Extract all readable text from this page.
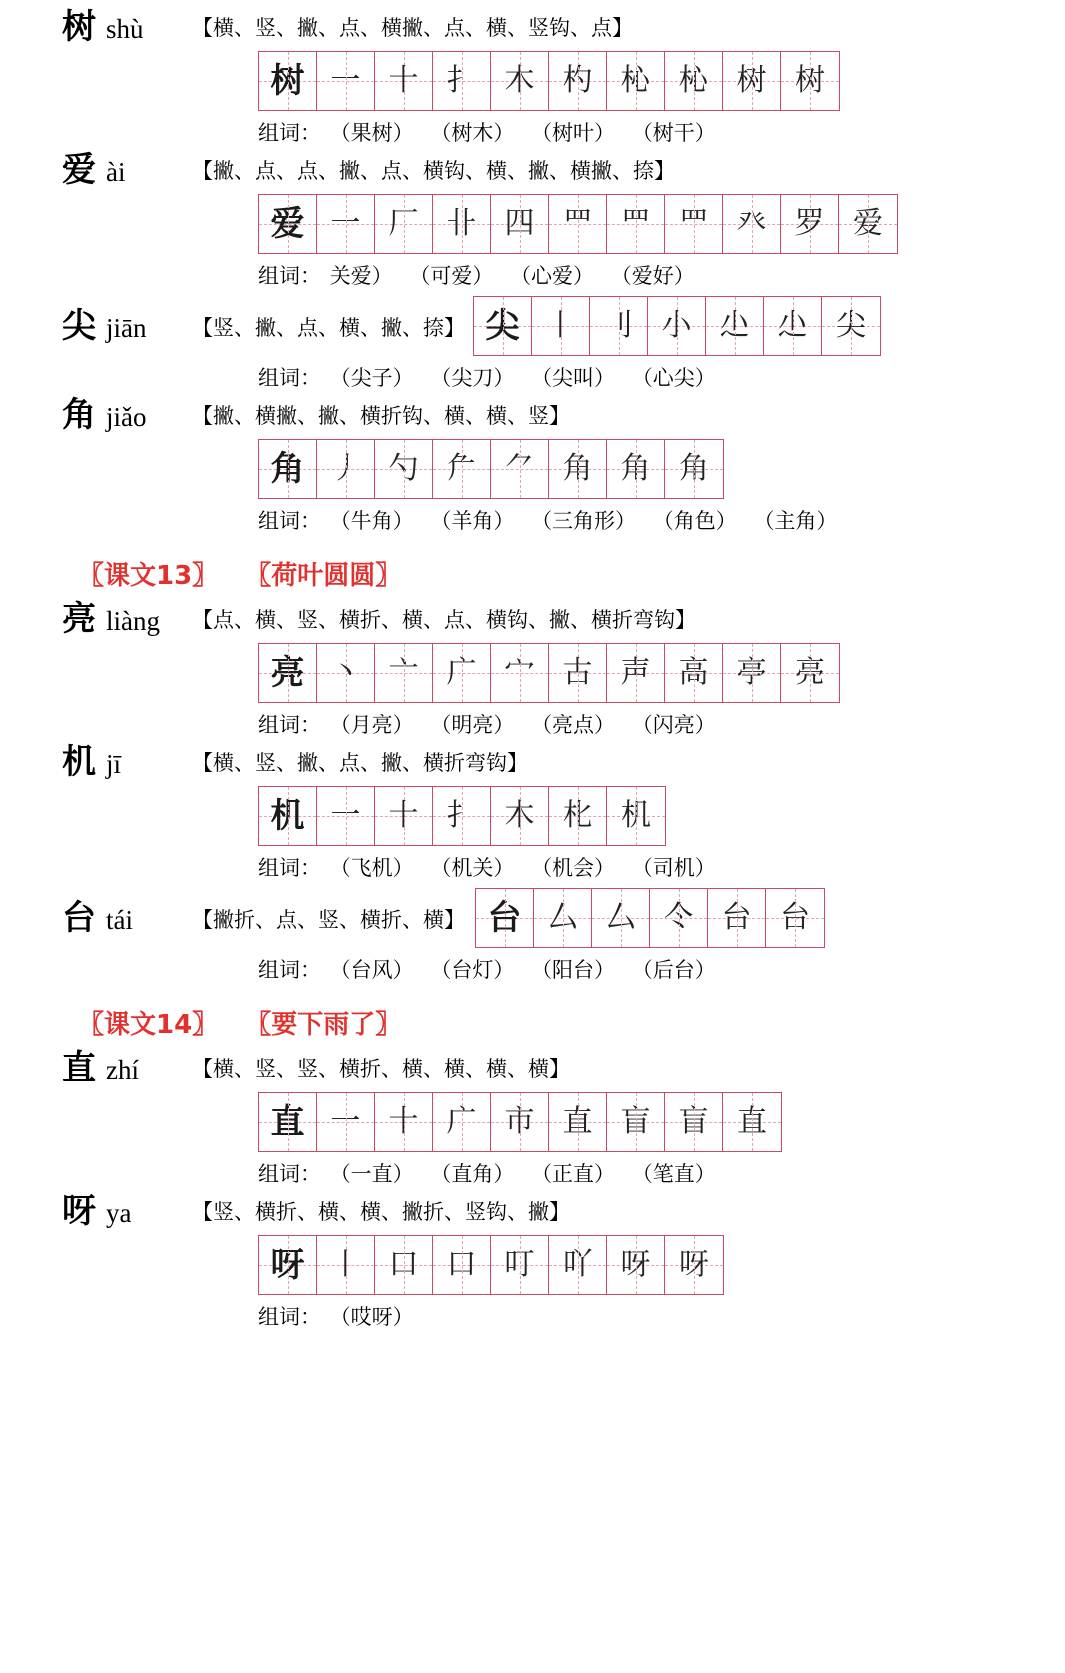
树 shù 【横、竖、撇、点、横撇、点、横、竖钩、点】
树 一 十 扌 木 杓 杺 杺 树 树
组词： （果树） （树木） （树叶） （树干）
爱 ài	【撇、点、点、撇、点、横钩、横、撇、横撇、捺】
爱 一 厂 卝 四 罒 罒 罒 癶 罗 爱
组词： 关爱） （可爱） （心爱） （爱好）
尖 jiān 【竖、撇、点、横、撇、捺】 尖 丨 刂 小 尐 尐 尖
组词： （尖子） （尖刀） （尖叫） （心尖）
角 jiǎo 【撇、横撇、撇、横折钩、横、横、竖】
角 丿 勺 厃 ⺈ 角 角 角
组词： （牛角） （羊角） （三角形） （角色） （主角）
〖课文13〗 〖荷叶圆圆〗
亮 liàng 【点、横、竖、横折、横、点、横钩、撇、横折弯钩】
亮 丶 亠 广 宀 古 声 高 亭 亮
组词： （月亮） （明亮） （亮点） （闪亮）
机 jī	【横、竖、撇、点、撇、横折弯钩】
机 一 十 扌 木 朼 机
组词： （飞机） （机关） （机会） （司机）
台 tái	【撇折、点、竖、横折、横】 台 厶 厶 仒 台 台
组词： （台风） （台灯） （阳台） （后台）
〖课文14〗 〖要下雨了〗
直 zhí	【横、竖、竖、横折、横、横、横、横】
直 一 十 广 市 直 盲 盲 直
组词： （一直） （直角） （正直） （笔直）
呀 ya	【竖、横折、横、横、撇折、竖钩、撇】
呀 丨 口 口 叮 吖 呀 呀
组词： （哎呀）
